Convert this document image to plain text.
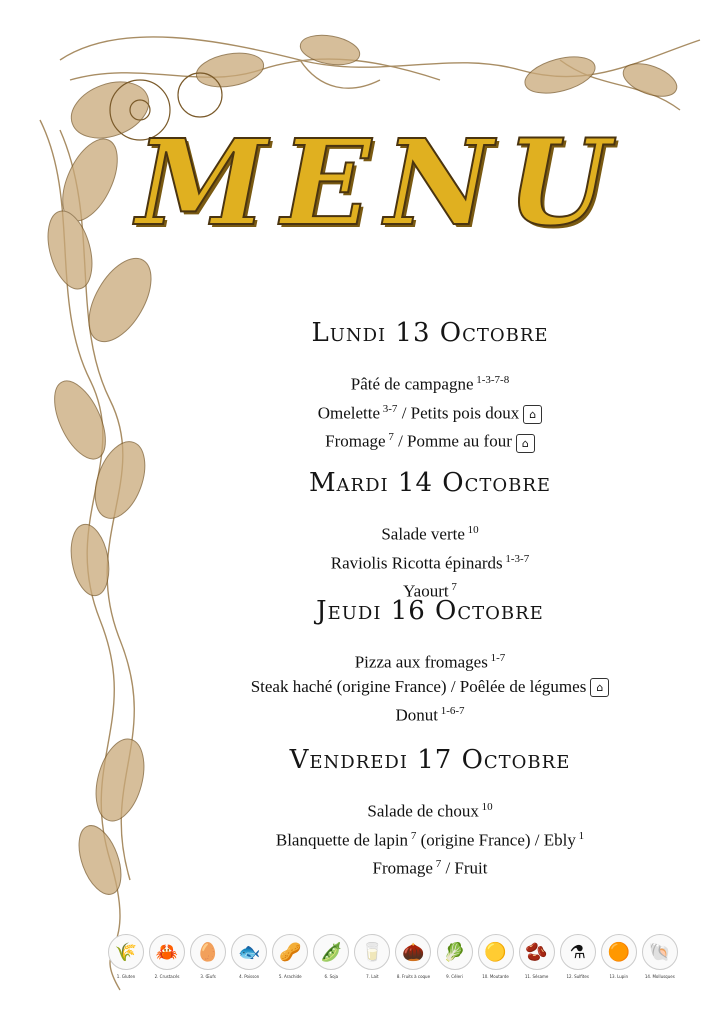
MENU
Lundi 13 Octobre

Pâté de campagne $^{1-3-7-8}$

Omelette $^{3-7}$ / Petits pois doux ⌂

Fromage $^7$ / Pomme au four ⌂

Mardi 14 Octobre

Salade verte $^{10}$

Raviolis Ricotta épinards $^{1-3-7}$

Yaourt $^7$

Jeudi 16 Octobre

Pizza aux fromages $^{1-7}$

Steak haché (origine France) / Poêlée de légumes ⌂

Donut $^{1-6-7}$

Vendredi 17 Octobre

Salade de choux $^{10}$

Blanquette de lapin $^7$ (origine France) / Ebly $^1$

Fromage $^7$ / Fruit

🌾
1. Gluten
🦀
2. Crustacés
🥚
3. Œufs
🐟
4. Poisson
🥜
5. Arachide
🫛
6. Soja
🥛
7. Lait
🌰
8. Fruits à coque
🥬
9. Céleri
🟡
10. Moutarde
🫘
11. Sésame
⚗
12. Sulfites
🟠
13. Lupin
🐚
14. Mollusques
